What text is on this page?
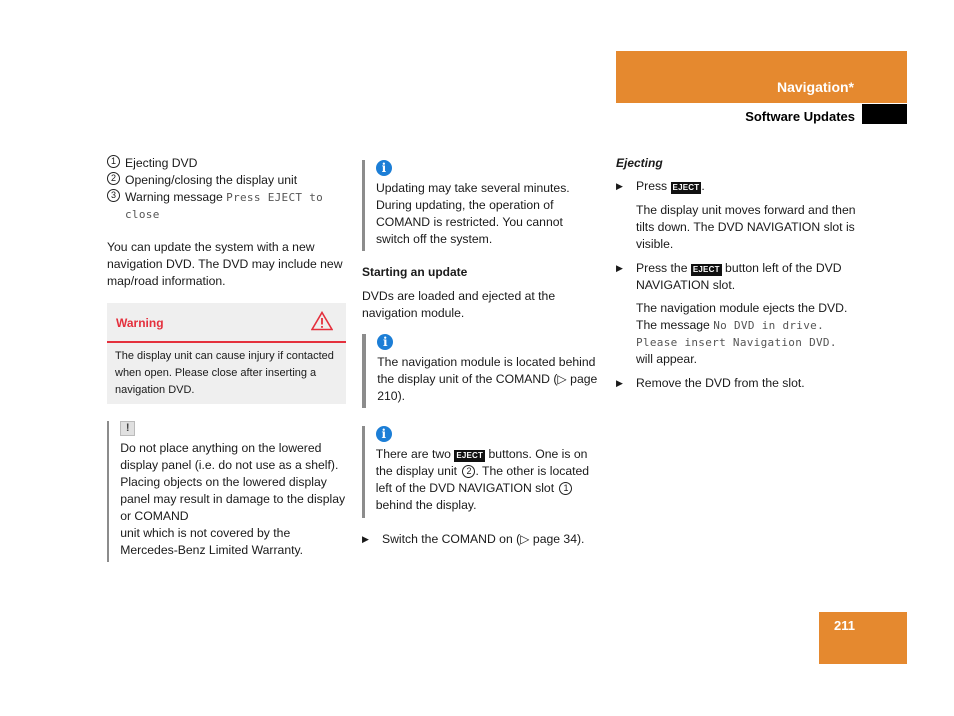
Navigation*
Software Updates
1 Ejecting DVD
2 Opening/closing the display unit
3 Warning message Press EJECT to close
You can update the system with a new navigation DVD. The DVD may include new map/road information.
Warning
The display unit can cause injury if contacted when open. Please close after inserting a navigation DVD.
!
Do not place anything on the lowered display panel (i.e. do not use as a shelf). Placing objects on the lowered display panel may result in damage to the display or COMAND
unit which is not covered by the Mercedes-Benz Limited Warranty.
i
Updating may take several minutes. During updating, the operation of COMAND is restricted. You cannot switch off the system.
Starting an update
DVDs are loaded and ejected at the navigation module.
i
The navigation module is located behind the display unit of the COMAND (▷ page 210).
i
There are two EJECT buttons. One is on the display unit 2 . The other is located left of the DVD NAVIGATION slot 1 behind the display.
▶	Switch the COMAND on (▷ page 34).
Ejecting
▶	Press EJECT .
The display unit moves forward and then tilts down. The DVD NAVIGATION slot is visible.
▶	Press the EJECT button left of the DVD NAVIGATION slot.
The navigation module ejects the DVD. The message No DVD in drive.
Please insert Navigation DVD.
will appear.
▶	Remove the DVD from the slot.
211
